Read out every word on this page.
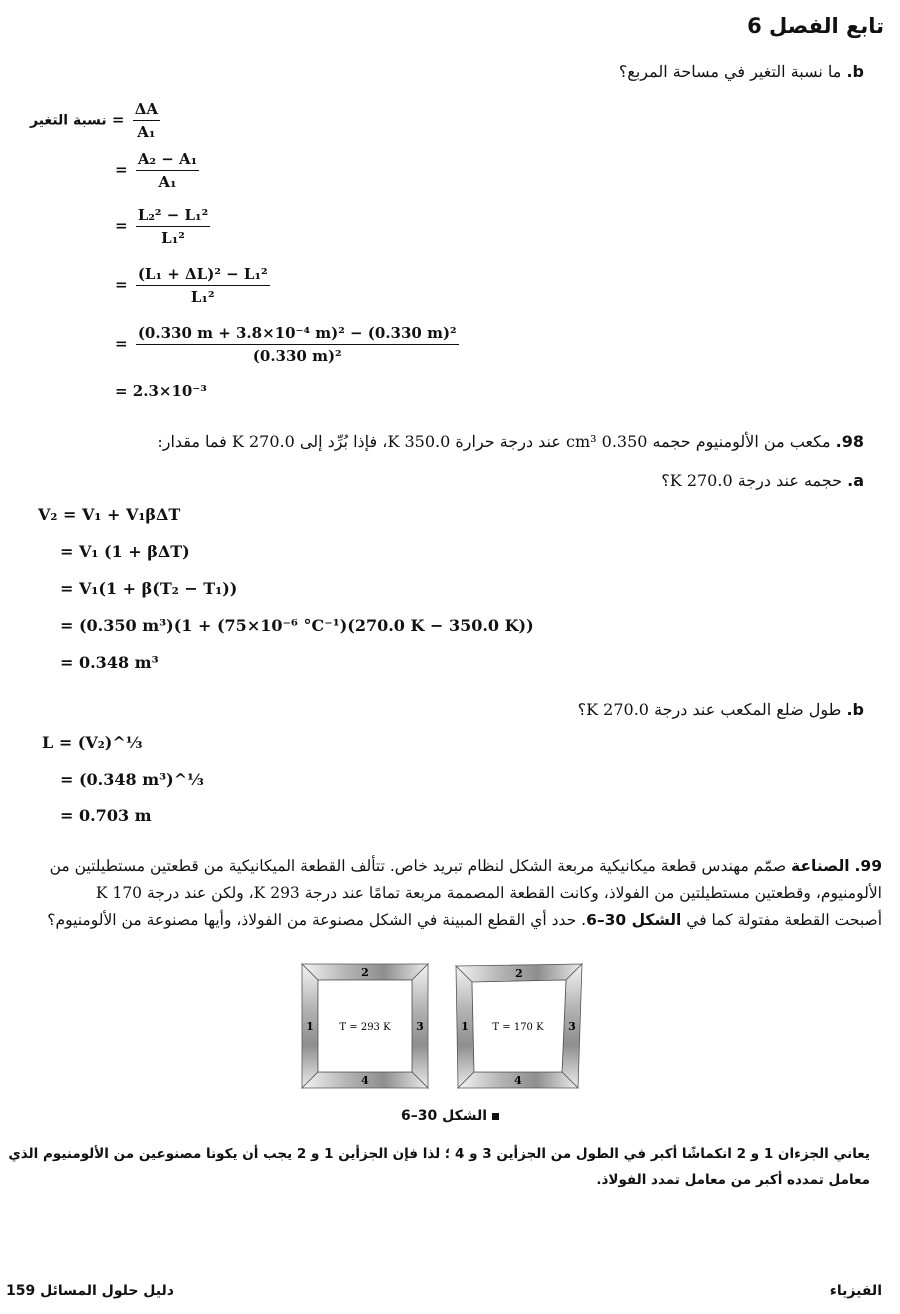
تابع الفصل 6
b. ما نسبة التغير في مساحة المربع؟
نسبة التغير = $\frac{\Delta A}{\text{A₁}}$
= $\frac{\text{A₂ − A₁}}{\text{A₁}}$
= $\frac{\text{L₂² − L₁²}}{\text{L₁²}}$
= $\frac{\text{(L₁ + ΔL)² − L₁²}}{\text{L₁²}}$
= $\frac{\text{(0.330 m + 3.8×10⁻⁴ m)² − (0.330 m)²}}{\text{(0.330 m)²}}$
= 2.3×10⁻³
98. مكعب من الألومنيوم حجمه 0.350 cm³ عند درجة حرارة 350.0 K، فإذا بُرِّد إلى 270.0 K فما مقدار:
a. حجمه عند درجة 270.0 K؟
V₂ = V₁ + V₁βΔT
= V₁ (1 + βΔT)
= V₁(1 + β(T₂ − T₁))
= (0.350 m³)(1 + (75×10⁻⁶ °C⁻¹)(270.0 K − 350.0 K))
= 0.348 m³
b. طول ضلع المكعب عند درجة 270.0 K؟
L = (V₂)^⅓
= (0.348 m³)^⅓
= 0.703 m
99. الصناعة صمّم مهندس قطعة ميكانيكية مربعة الشكل لنظام تبريد خاص. تتألف القطعة الميكانيكية من قطعتين مستطيلتين من
الألومنيوم، وقطعتين مستطيلتين من الفولاذ، وكانت القطعة المصممة مربعة تمامًا عند درجة 293 K، ولكن عند درجة 170 K
أصبحت القطعة مفتولة كما في الشكل 30–6. حدد أي القطع المبينة في الشكل مصنوعة من الفولاذ، وأيها مصنوعة من الألومنيوم؟
2
1	3
4
T = 293 K
2
1	3
4
T = 170 K
الشكل 30–6
يعاني الجزءان 1 و 2 انكماشًا أكبر في الطول من الجزأين 3 و 4 ؛ لذا فإن الجزأين 1 و 2 يجب أن يكونا مصنوعين من الألومنيوم الذي
معامل تمدده أكبر من معامل تمدد الفولاذ.
دليل حلول المسائل 159	الفيزياء
